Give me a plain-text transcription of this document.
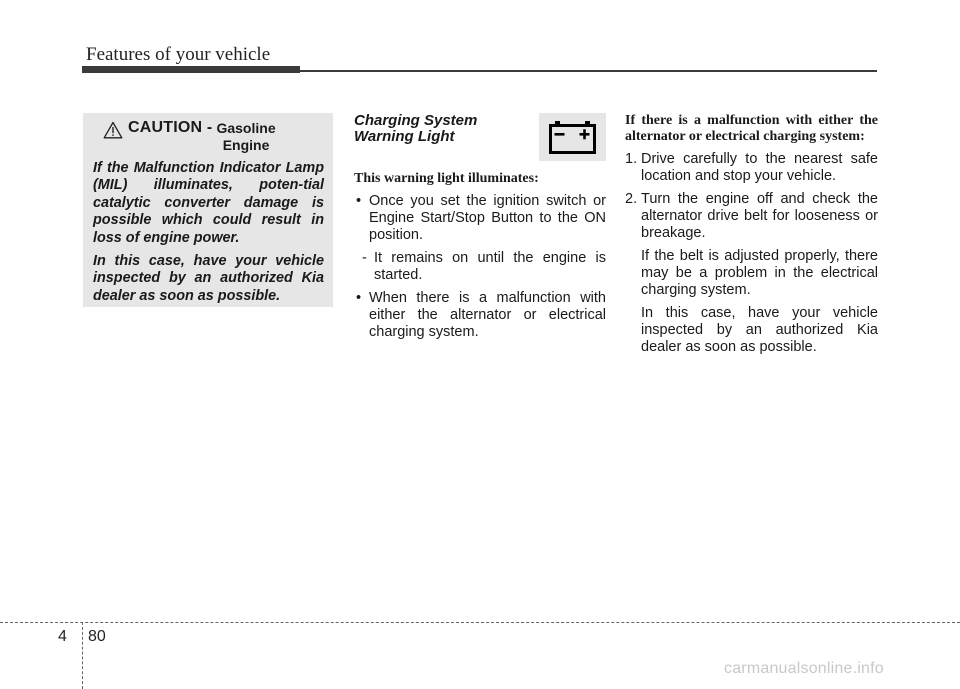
Features of your vehicle
CAUTION - Gasoline
Engine

If the Malfunction Indicator Lamp (MIL) illuminates, poten-tial catalytic converter damage is possible which could result in loss of engine power.

In this case, have your vehicle inspected by an authorized Kia dealer as soon as possible.

Charging System
Warning Light
This warning light illuminates:
• Once you set the ignition switch or Engine Start/Stop Button to the ON position.
- It remains on until the engine is started.
• When there is a malfunction with either the alternator or electrical charging system.
If there is a malfunction with either the alternator or electrical charging system:
1. Drive carefully to the nearest safe location and stop your vehicle.
2. Turn the engine off and check the alternator drive belt for looseness or breakage.
If the belt is adjusted properly, there may be a problem in the electrical charging system.
In this case, have your vehicle inspected by an authorized Kia dealer as soon as possible.
4 80
carmanualsonline.info
